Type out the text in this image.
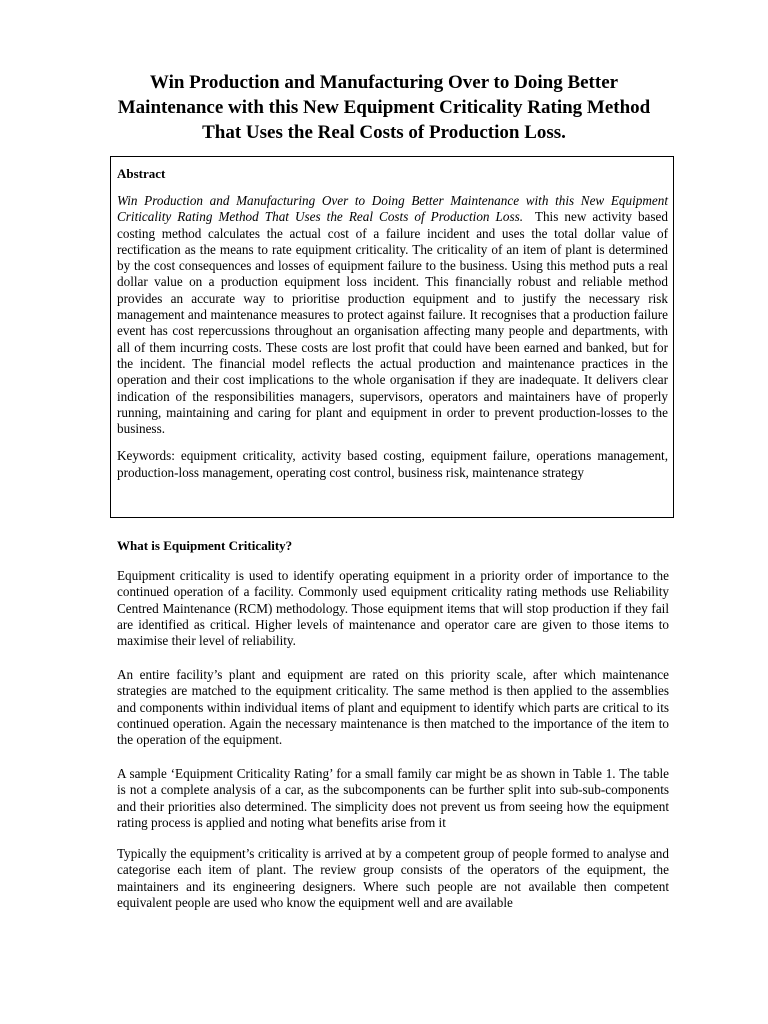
Win Production and Manufacturing Over to Doing Better Maintenance with this New Equipment Criticality Rating Method That Uses the Real Costs of Production Loss.
Abstract

Win Production and Manufacturing Over to Doing Better Maintenance with this New Equipment Criticality Rating Method That Uses the Real Costs of Production Loss. This new activity based costing method calculates the actual cost of a failure incident and uses the total dollar value of rectification as the means to rate equipment criticality. The criticality of an item of plant is determined by the cost consequences and losses of equipment failure to the business. Using this method puts a real dollar value on a production equipment loss incident. This financially robust and reliable method provides an accurate way to prioritise production equipment and to justify the necessary risk management and maintenance measures to protect against failure. It recognises that a production failure event has cost repercussions throughout an organisation affecting many people and departments, with all of them incurring costs. These costs are lost profit that could have been earned and banked, but for the incident. The financial model reflects the actual production and maintenance practices in the operation and their cost implications to the whole organisation if they are inadequate. It delivers clear indication of the responsibilities managers, supervisors, operators and maintainers have of properly running, maintaining and caring for plant and equipment in order to prevent production-losses to the business.

Keywords: equipment criticality, activity based costing, equipment failure, operations management, production-loss management, operating cost control, business risk, maintenance strategy

What is Equipment Criticality?

Equipment criticality is used to identify operating equipment in a priority order of importance to the continued operation of a facility. Commonly used equipment criticality rating methods use Reliability Centred Maintenance (RCM) methodology. Those equipment items that will stop production if they fail are identified as critical. Higher levels of maintenance and operator care are given to those items to maximise their level of reliability.

An entire facility’s plant and equipment are rated on this priority scale, after which maintenance strategies are matched to the equipment criticality. The same method is then applied to the assemblies and components within individual items of plant and equipment to identify which parts are critical to its continued operation. Again the necessary maintenance is then matched to the importance of the item to the operation of the equipment.

A sample ‘Equipment Criticality Rating’ for a small family car might be as shown in Table 1. The table is not a complete analysis of a car, as the subcomponents can be further split into sub-sub-components and their priorities also determined. The simplicity does not prevent us from seeing how the equipment rating process is applied and noting what benefits arise from it

Typically the equipment’s criticality is arrived at by a competent group of people formed to analyse and categorise each item of plant. The review group consists of the operators of the equipment, the maintainers and its engineering designers. Where such people are not available then competent equivalent people are used who know the equipment well and are available
